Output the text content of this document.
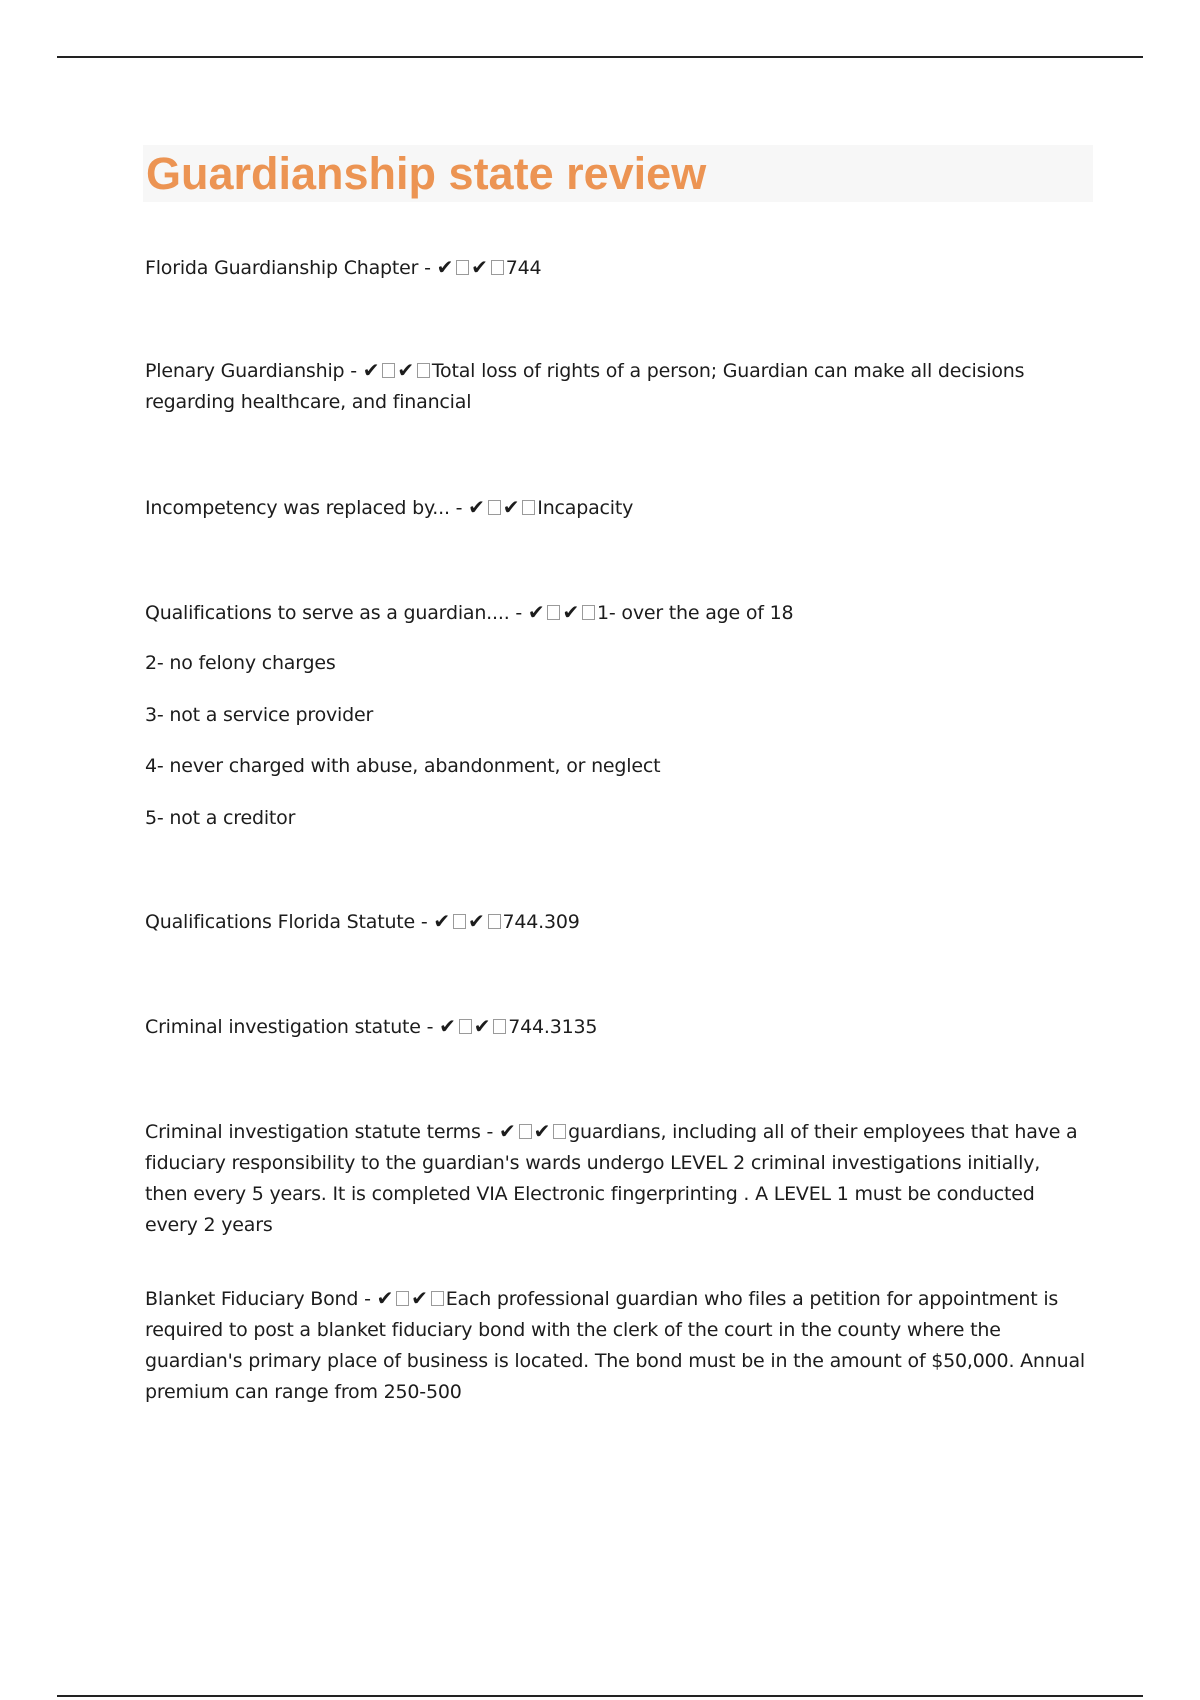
Guardianship state review

Florida Guardianship Chapter - ✔ ✔ 744

Plenary Guardianship - ✔ ✔ Total loss of rights of a person; Guardian can make all decisions regarding healthcare, and financial

Incompetency was replaced by... - ✔ ✔ Incapacity

Qualifications to serve as a guardian.... - ✔ ✔ 1- over the age of 18

2- no felony charges

3- not a service provider

4- never charged with abuse, abandonment, or neglect

5- not a creditor

Qualifications Florida Statute - ✔ ✔ 744.309

Criminal investigation statute - ✔ ✔ 744.3135

Criminal investigation statute terms - ✔ ✔ guardians, including all of their employees that have a fiduciary responsibility to the guardian's wards undergo LEVEL 2 criminal investigations initially, then every 5 years. It is completed VIA Electronic fingerprinting . A LEVEL 1 must be conducted every 2 years

Blanket Fiduciary Bond - ✔ ✔ Each professional guardian who files a petition for appointment is required to post a blanket fiduciary bond with the clerk of the court in the county where the guardian's primary place of business is located. The bond must be in the amount of $50,000. Annual premium can range from 250-500
